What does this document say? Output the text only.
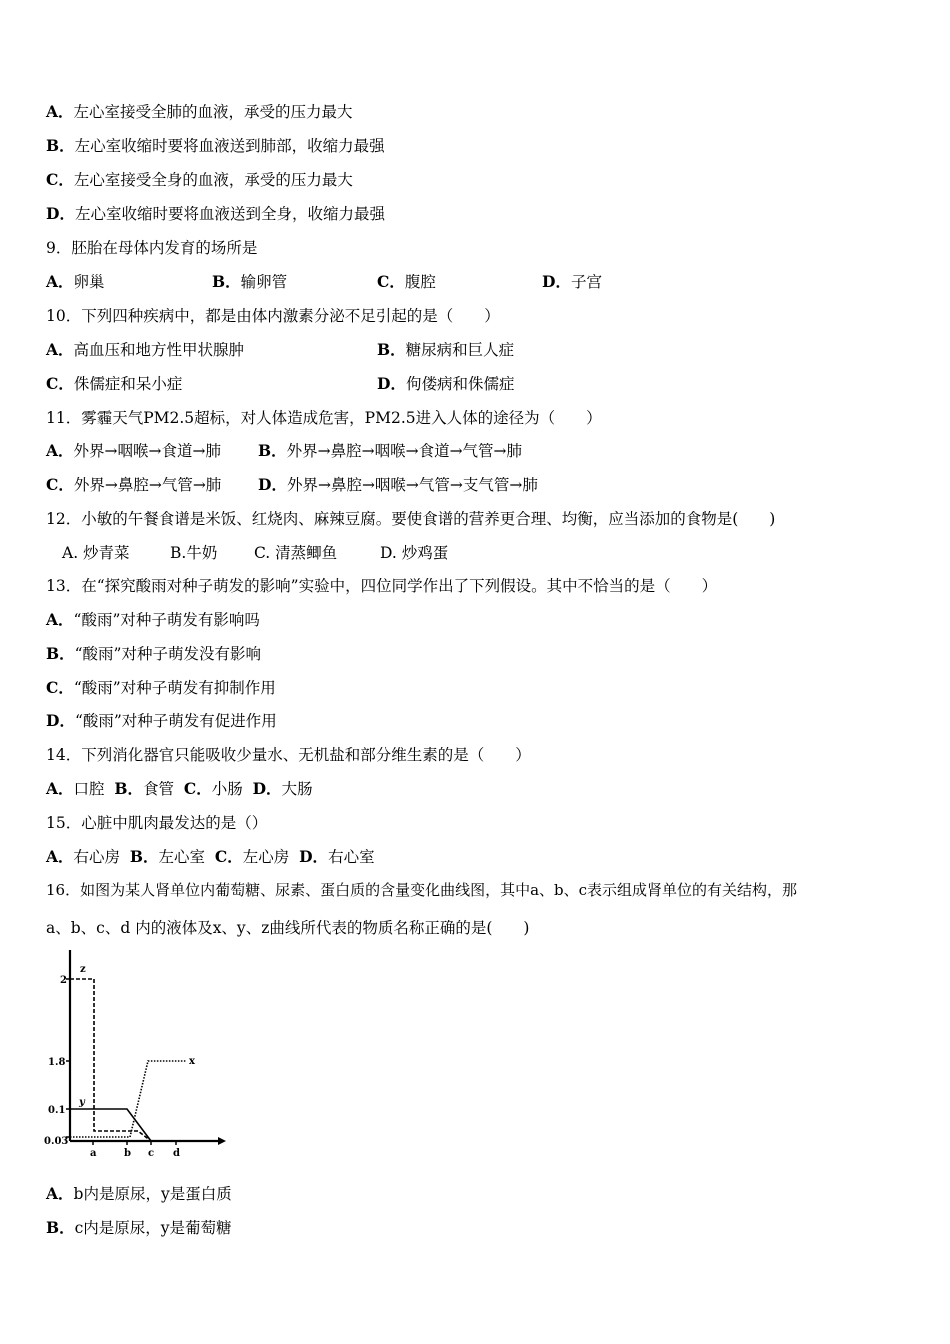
A．左心室接受全肺的血液，承受的压力最大
B．左心室收缩时要将血液送到肺部，收缩力最强
C．左心室接受全身的血液，承受的压力最大
D．左心室收缩时要将血液送到全身，收缩力最强
9．胚胎在母体内发育的场所是
A．卵巢	B．输卵管	C．腹腔	D．子宫
10．下列四种疾病中，都是由体内激素分泌不足引起的是（　　）
A．高血压和地方性甲状腺肿	B．糖尿病和巨人症
C．侏儒症和呆小症	D．佝偻病和侏儒症
11．雾霾天气PM2.5超标，对人体造成危害，PM2.5进入人体的途径为（　　）
A．外界→咽喉→食道→肺 B．外界→鼻腔→咽喉→食道→气管→肺
C．外界→鼻腔→气管→肺 D．外界→鼻腔→咽喉→气管→支气管→肺
12．小敏的午餐食谱是米饭、红烧肉、麻辣豆腐。要使食谱的营养更合理、均衡，应当添加的食物是(　　)
A. 炒青菜	B.牛奶 C. 清蒸鲫鱼	D. 炒鸡蛋
13．在“探究酸雨对种子萌发的影响”实验中，四位同学作出了下列假设。其中不恰当的是（　　）
A．“酸雨”对种子萌发有影响吗
B．“酸雨”对种子萌发没有影响
C．“酸雨”对种子萌发有抑制作用
D．“酸雨”对种子萌发有促进作用
14．下列消化器官只能吸收少量水、无机盐和部分维生素的是（　　）
A．口腔 B．食管 C．小肠 D．大肠
15．心脏中肌肉最发达的是（）
A．右心房 B．左心室 C．左心房 D．右心室
16．如图为某人肾单位内葡萄糖、尿素、蛋白质的含量变化曲线图，其中a、b、c表示组成肾单位的有关结构，那
a、b、c、d 内的液体及x、y、z曲线所代表的物质名称正确的是(　　)
2
1.8
0.1
0.03
a	b c d
z
y
x
A．b内是原尿，y是蛋白质
B．c内是原尿，y是葡萄糖
